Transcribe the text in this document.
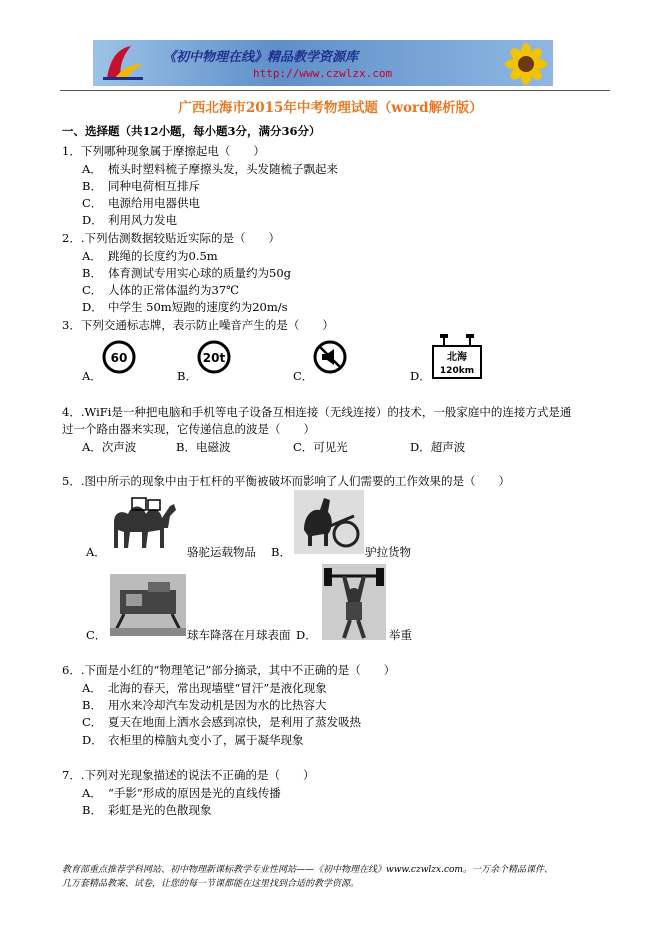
《初中物理在线》精品教学资源库
http://www.czwlzx.com
广西北海市2015年中考物理试题（word解析版）
一、选择题（共12小题，每小题3分，满分36分）
1．下列哪种现象属于摩擦起电（　　）
A． 梳头时塑料梳子摩擦头发，头发随梳子飘起来
B． 同种电荷相互排斥
C． 电源给用电器供电
D． 利用风力发电
2．.下列估测数据较贴近实际的是（　　）
A． 跳绳的长度约为0.5m
B． 体育测试专用实心球的质量约为50g
C． 人体的正常体温约为37℃
D． 中学生 50m短跑的速度约为20m/s
3．下列交通标志牌，表示防止噪音产生的是（　　）
A．
60
B．
20t
C．	D．
北海
120km
4．.WiFi是一种把电脑和手机等电子设备互相连接（无线连接）的技术，一般家庭中的连接方式是通
过一个路由器来实现，它传递信息的波是（　　）
A．次声波	B．电磁波	C．可见光	D．超声波
5．.图中所示的现象中由于杠杆的平衡被破坏而影响了人们需要的工作效果的是（　　）
A．	骆驼运载物品 B．	驴拉货物
C．	球车降落在月球表面 D．	举重
6．.下面是小红的“物理笔记”部分摘录，其中不正确的是（　　）
A． 北海的春天，常出现墙壁“冒汗”是液化现象
B． 用水来冷却汽车发动机是因为水的比热容大
C． 夏天在地面上洒水会感到凉快，是利用了蒸发吸热
D． 衣柜里的樟脑丸变小了，属于凝华现象
7．.下列对光现象描述的说法不正确的是（　　）
A． “手影”形成的原因是光的直线传播
B． 彩虹是光的色散现象
教育部重点推荐学科网站、初中物理新课标教学专业性网站——《初中物理在线》www.czwlzx.com。一万余个精品课件、
几万套精品教案、试卷，让您的每一节课都能在这里找到合适的教学资源。
